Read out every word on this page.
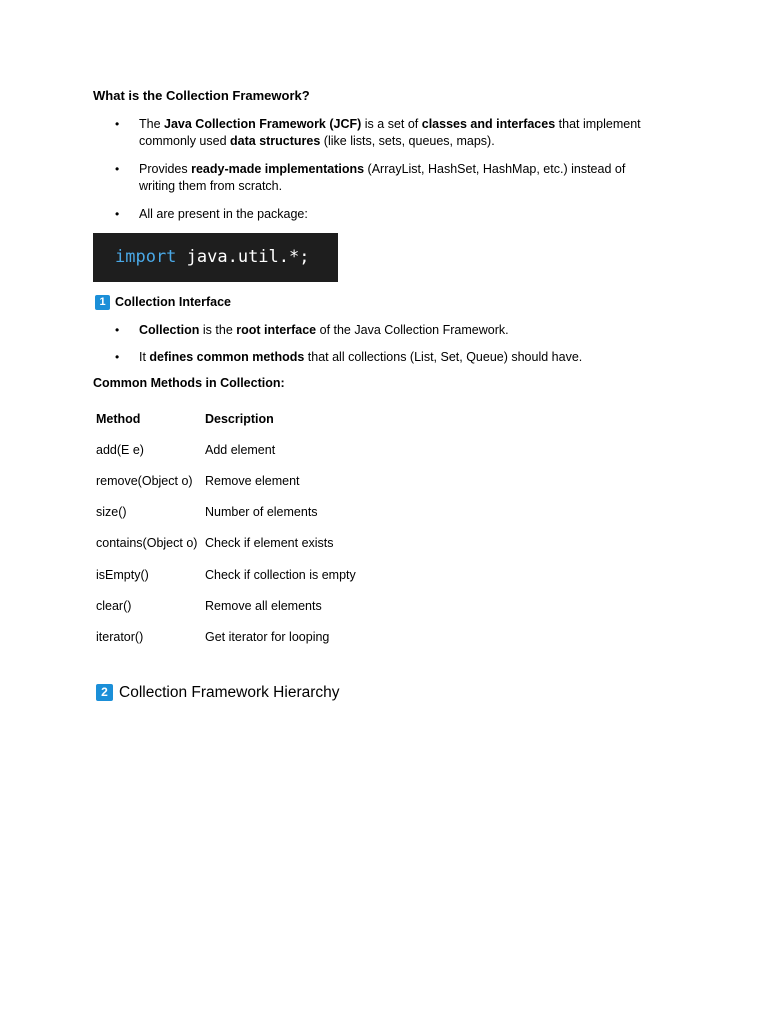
What is the Collection Framework?
• The Java Collection Framework (JCF) is a set of classes and interfaces that implement commonly used data structures (like lists, sets, queues, maps).
• Provides ready-made implementations (ArrayList, HashSet, HashMap, etc.) instead of writing them from scratch.
• All are present in the package:
import java.util.*;
1 Collection Interface
• Collection is the root interface of the Java Collection Framework.
• It defines common methods that all collections (List, Set, Queue) should have.
Common Methods in Collection:
Method	Description
add(E e)	Add element
remove(Object o)	Remove element
size()	Number of elements
contains(Object o)	Check if element exists
isEmpty()	Check if collection is empty
clear()	Remove all elements
iterator()	Get iterator for looping
2 Collection Framework Hierarchy
